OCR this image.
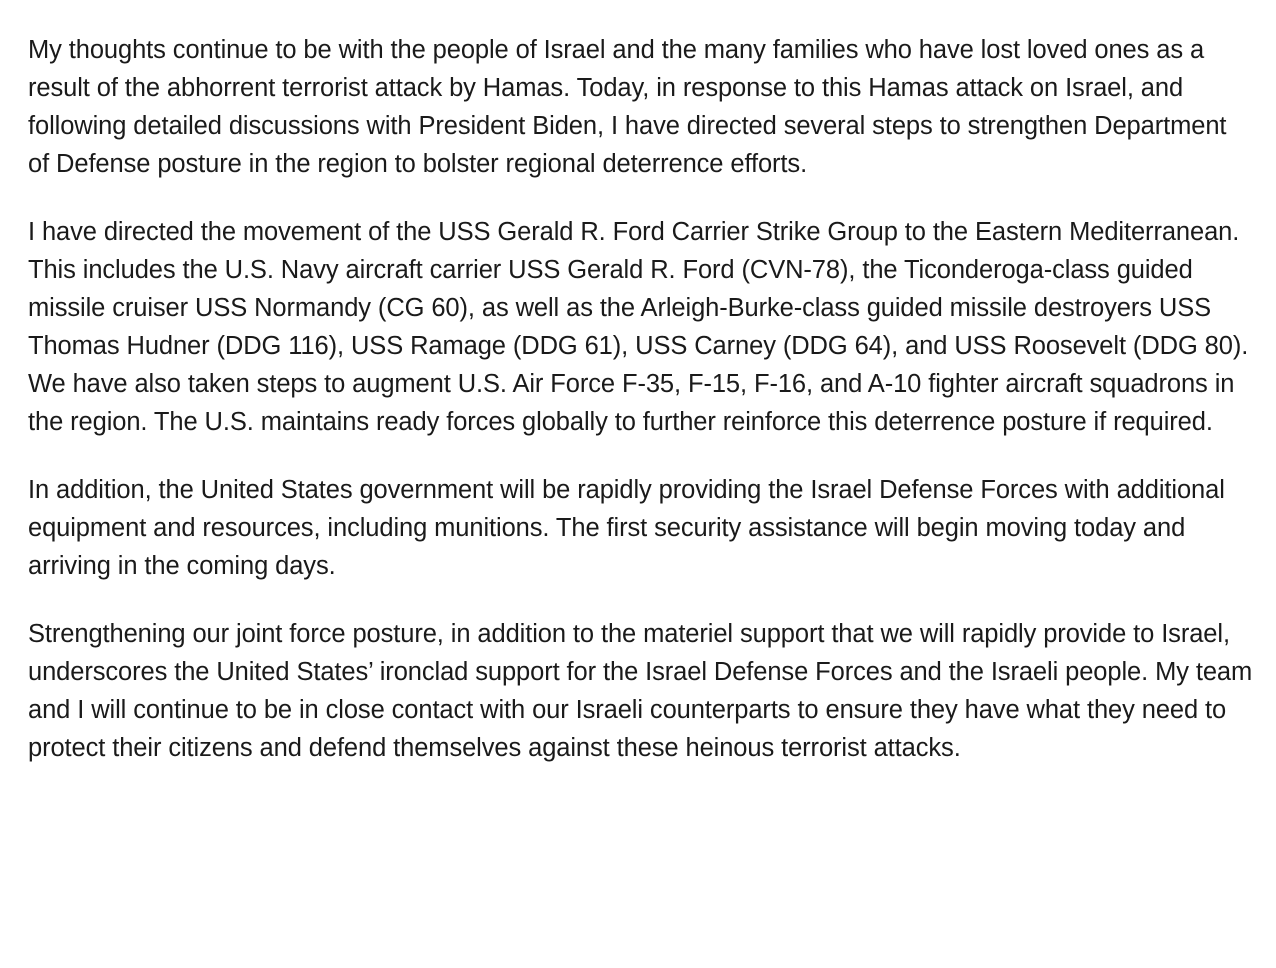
My thoughts continue to be with the people of Israel and the many families who have lost loved ones as a result of the abhorrent terrorist attack by Hamas. Today, in response to this Hamas attack on Israel, and following detailed discussions with President Biden, I have directed several steps to strengthen Department of Defense posture in the region to bolster regional deterrence efforts.

I have directed the movement of the USS Gerald R. Ford Carrier Strike Group to the Eastern Mediterranean. This includes the U.S. Navy aircraft carrier USS Gerald R. Ford (CVN-78), the Ticonderoga-class guided missile cruiser USS Normandy (CG 60), as well as the Arleigh-Burke-class guided missile destroyers USS Thomas Hudner (DDG 116), USS Ramage (DDG 61), USS Carney (DDG 64), and USS Roosevelt (DDG 80). We have also taken steps to augment U.S. Air Force F-35, F-15, F-16, and A-10 fighter aircraft squadrons in the region. The U.S. maintains ready forces globally to further reinforce this deterrence posture if required.

In addition, the United States government will be rapidly providing the Israel Defense Forces with additional equipment and resources, including munitions. The first security assistance will begin moving today and arriving in the coming days.

Strengthening our joint force posture, in addition to the materiel support that we will rapidly provide to Israel, underscores the United States’ ironclad support for the Israel Defense Forces and the Israeli people. My team and I will continue to be in close contact with our Israeli counterparts to ensure they have what they need to protect their citizens and defend themselves against these heinous terrorist attacks.
